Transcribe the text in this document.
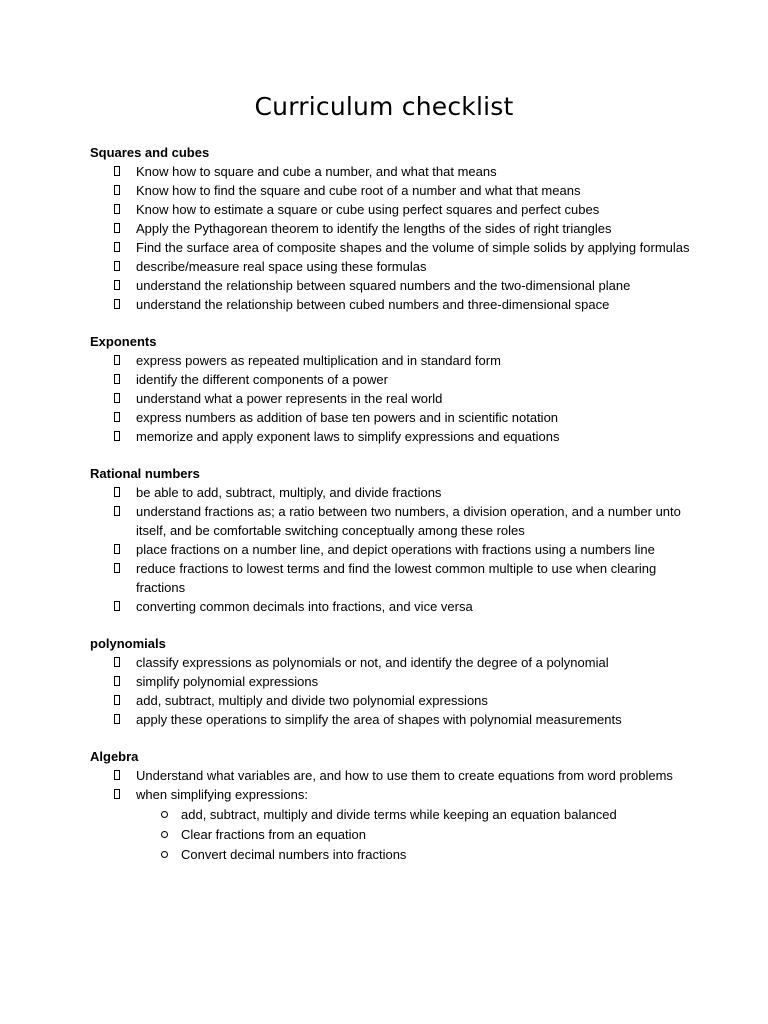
Curriculum checklist
Squares and cubes
Know how to square and cube a number, and what that means
Know how to find the square and cube root of a number and what that means
Know how to estimate a square or cube using perfect squares and perfect cubes
Apply the Pythagorean theorem to identify the lengths of the sides of right triangles
Find the surface area of composite shapes and the volume of simple solids by applying formulas
describe/measure real space using these formulas
understand the relationship between squared numbers and the two-dimensional plane
understand the relationship between cubed numbers and three-dimensional space
Exponents
express powers as repeated multiplication and in standard form
identify the different components of a power
understand what a power represents in the real world
express numbers as addition of base ten powers and in scientific notation
memorize and apply exponent laws to simplify expressions and equations
Rational numbers
be able to add, subtract, multiply, and divide fractions
understand fractions as; a ratio between two numbers, a division operation, and a number unto itself, and be comfortable switching conceptually among these roles
place fractions on a number line, and depict operations with fractions using a numbers line
reduce fractions to lowest terms and find the lowest common multiple to use when clearing fractions
converting common decimals into fractions, and vice versa
polynomials
classify expressions as polynomials or not, and identify the degree of a polynomial
simplify polynomial expressions
add, subtract, multiply and divide two polynomial expressions
apply these operations to simplify the area of shapes with polynomial measurements
Algebra
Understand what variables are, and how to use them to create equations from word problems
when simplifying expressions:
add, subtract, multiply and divide terms while keeping an equation balanced
Clear fractions from an equation
Convert decimal numbers into fractions
